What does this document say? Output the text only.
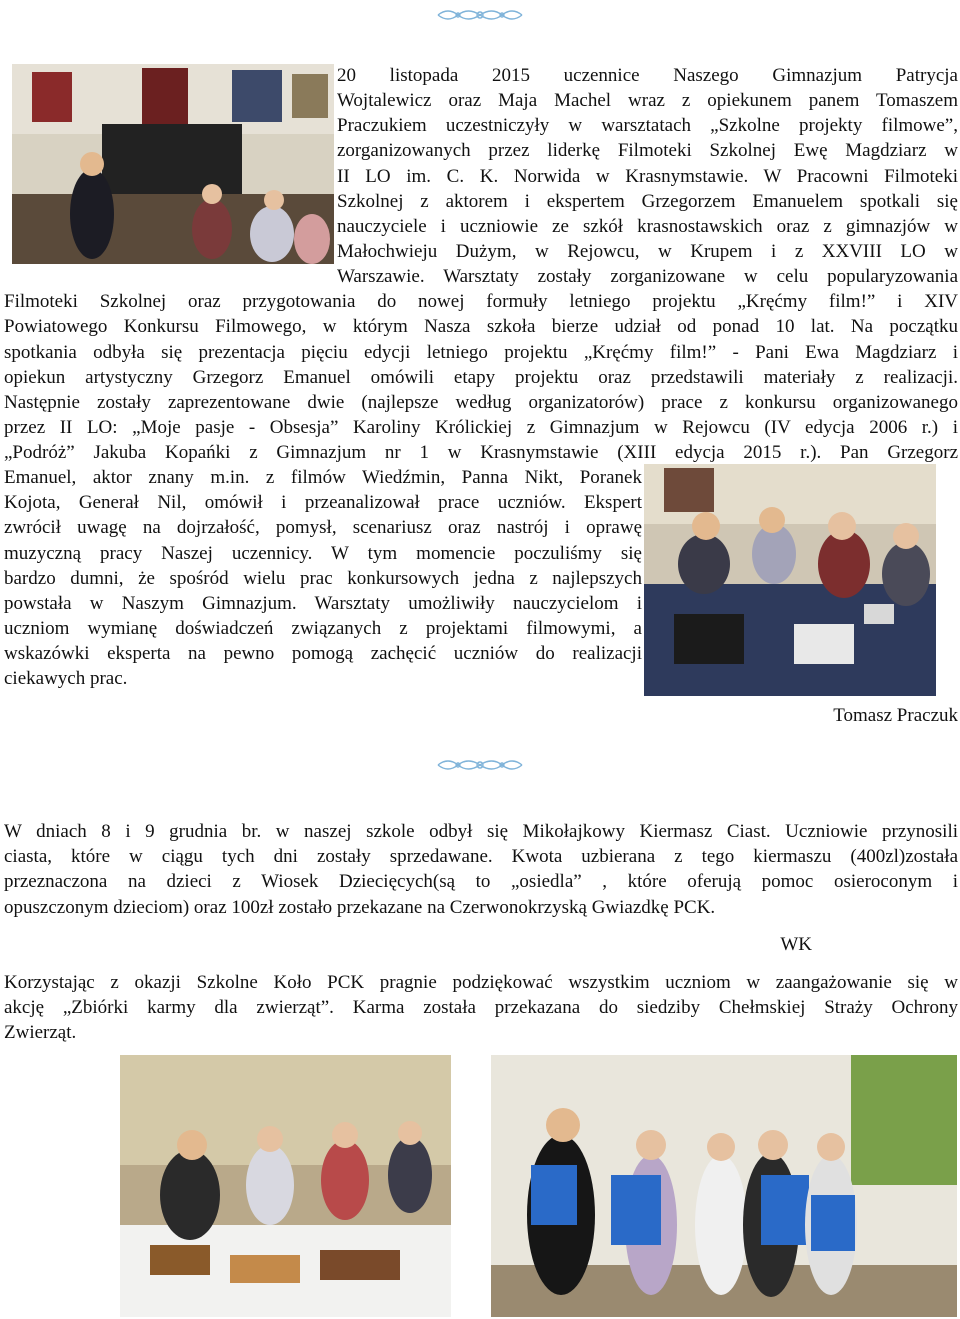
20 listopada 2015 uczennice Naszego Gimnazjum Patrycja
Wojtalewicz oraz Maja Machel wraz z opiekunem panem Tomaszem
Praczukiem uczestniczyły w warsztatach „Szkolne projekty filmowe”,
zorganizowanych przez liderkę Filmoteki Szkolnej Ewę Magdziarz w
II LO im. C. K. Norwida w Krasnymstawie. W Pracowni Filmoteki
Szkolnej z aktorem i ekspertem Grzegorzem Emanuelem spotkali się
nauczyciele i uczniowie ze szkół krasnostawskich oraz z gimnazjów w
Małochwieju Dużym, w Rejowcu, w Krupem i z XXVIII LO w
Warszawie. Warsztaty zostały zorganizowane w celu popularyzowania
Filmoteki Szkolnej oraz przygotowania do nowej formuły letniego projektu „Kręćmy film!” i XIV
Powiatowego Konkursu Filmowego, w którym Nasza szkoła bierze udział od ponad 10 lat. Na początku
spotkania odbyła się prezentacja pięciu edycji letniego projektu „Kręćmy film!” - Pani Ewa Magdziarz i
opiekun artystyczny Grzegorz Emanuel omówili etapy projektu oraz przedstawili materiały z realizacji.
Następnie zostały zaprezentowane dwie (najlepsze według organizatorów) prace z konkursu organizowanego
przez II LO: „Moje pasje - Obsesja” Karoliny Królickiej z Gimnazjum w Rejowcu (IV edycja 2006 r.) i
„Podróż” Jakuba Kopańki z Gimnazjum nr 1 w Krasnymstawie (XIII edycja 2015 r.). Pan Grzegorz
Emanuel, aktor znany m.in. z filmów Wiedźmin, Panna Nikt, Poranek
Kojota, Generał Nil, omówił i przeanalizował prace uczniów. Ekspert
zwrócił uwagę na dojrzałość, pomysł, scenariusz oraz nastrój i oprawę
muzyczną pracy Naszej uczennicy. W tym momencie poczuliśmy się
bardzo dumni, że spośród wielu prac konkursowych jedna z najlepszych
powstała w Naszym Gimnazjum. Warsztaty umożliwiły nauczycielom i
uczniom wymianę doświadczeń związanych z projektami filmowymi, a
wskazówki eksperta na pewno pomogą zachęcić uczniów do realizacji
ciekawych prac.
Tomasz Praczuk
W dniach 8 i 9 grudnia br. w naszej szkole odbył się Mikołajkowy Kiermasz Ciast. Uczniowie przynosili
ciasta, które w ciągu tych dni zostały sprzedawane. Kwota uzbierana z tego kiermaszu (400zl)została
przeznaczona na dzieci z Wiosek Dziecięcych(są to „osiedla” , które oferują pomoc osieroconym i
opuszczonym dzieciom) oraz 100zł zostało przekazane na Czerwonokrzyską Gwiazdkę PCK.
WK
Korzystając z okazji Szkolne Koło PCK pragnie podziękować wszystkim uczniom w zaangażowanie się w
akcję „Zbiórki karmy dla zwierząt”. Karma została przekazana do siedziby Chełmskiej Straży Ochrony
Zwierząt.
